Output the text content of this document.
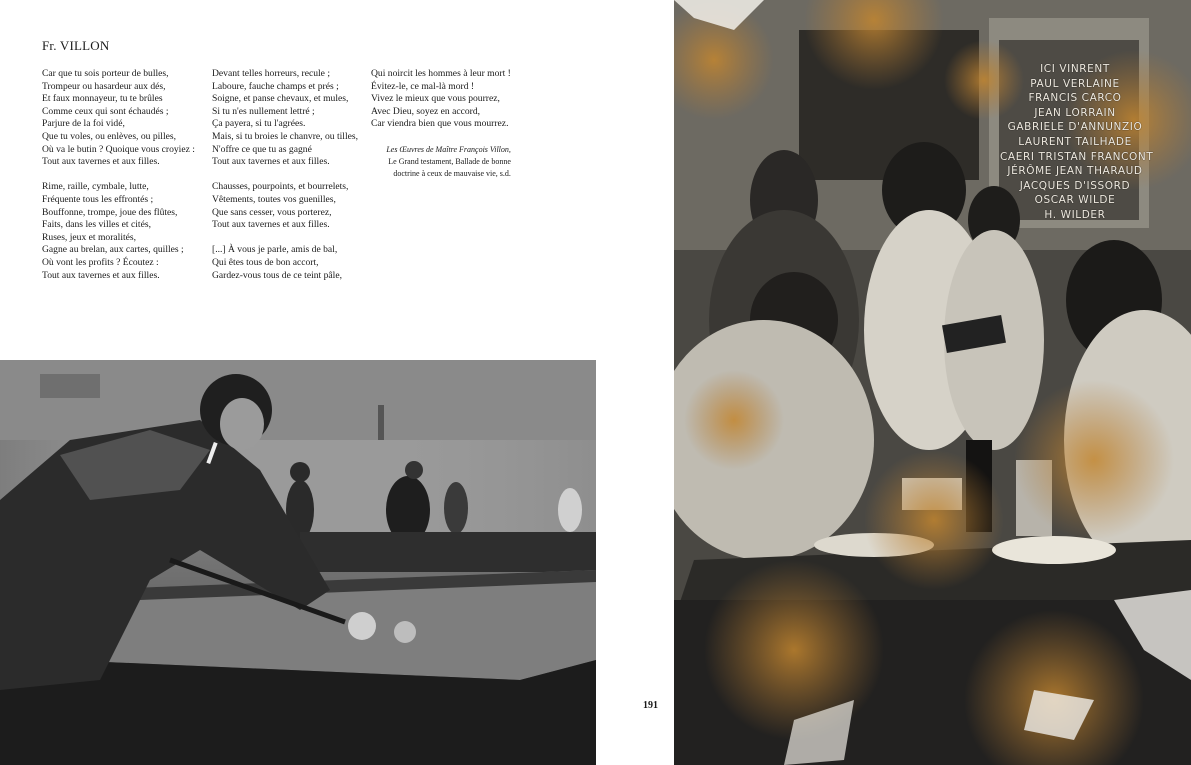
Fr. VILLON

Car que tu sois porteur de bulles,

Trompeur ou hasardeur aux dés,

Et faux monnayeur, tu te brûles

Comme ceux qui sont échaudés ;

Parjure de la foi vidé,

Que tu voles, ou enlèves, ou pilles,

Où va le butin ? Quoique vous croyiez :

Tout aux tavernes et aux filles.

Rime, raille, cymbale, lutte,

Fréquente tous les effrontés ;

Bouffonne, trompe, joue des flûtes,

Faits, dans les villes et cités,

Ruses, jeux et moralités,

Gagne au brelan, aux cartes, quilles ;

Où vont les profits ? Écoutez :

Tout aux tavernes et aux filles.

Devant telles horreurs, recule ;

Laboure, fauche champs et prés ;

Soigne, et panse chevaux, et mules,

Si tu n'es nullement lettré ;

Ça payera, si tu l'agrées.

Mais, si tu broies le chanvre, ou tilles,

N'offre ce que tu as gagné

Tout aux tavernes et aux filles.

Chausses, pourpoints, et bourrelets,

Vêtements, toutes vos guenilles,

Que sans cesser, vous porterez,

Tout aux tavernes et aux filles.

[...] À vous je parle, amis de bal,

Qui êtes tous de bon accort,

Gardez-vous tous de ce teint pâle,

Qui noircit les hommes à leur mort !

Évitez-le, ce mal-là mord !

Vivez le mieux que vous pourrez,

Avec Dieu, soyez en accord,

Car viendra bien que vous mourrez.

Les Œuvres de Maître François Villon,
Le Grand testament, Ballade de bonne
doctrine à ceux de mauvaise vie, s.d.

191

ICI VINRENT
PAUL VERLAINE
FRANCIS CARCO
JEAN LORRAIN
GABRIELE D'ANNUNZIO
LAURENT TAILHADE
CAERI TRISTAN FRANCONT
JÉRÔME JEAN THARAUD
JACQUES D'ISSORD
OSCAR WILDE
H. WILDER
